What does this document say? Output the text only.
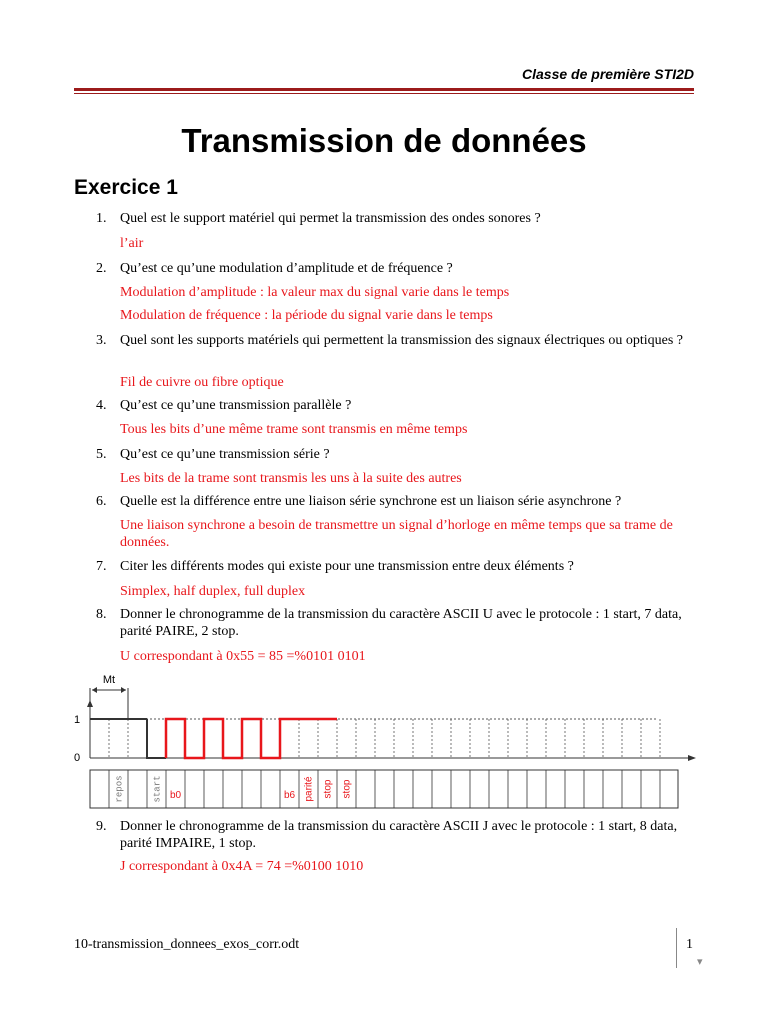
Classe de première STI2D
Transmission de données
Exercice 1
1. Quel est le support matériel qui permet la transmission des ondes sonores ?
l’air
2. Qu’est ce qu’une modulation d’amplitude et de fréquence ?
Modulation d’amplitude : la valeur max du signal varie dans le temps
Modulation de fréquence : la période du signal varie dans le temps
3. Quel sont les supports matériels qui permettent la transmission des signaux électriques ou optiques ?
Fil de cuivre ou fibre optique
4. Qu’est ce qu’une transmission parallèle ?
Tous les bits d’une même trame sont transmis en même temps
5. Qu’est ce qu’une transmission série ?
Les bits de la trame sont transmis les uns à la suite des autres
6. Quelle est la différence entre une liaison série synchrone est un liaison série asynchrone ?
Une liaison synchrone a besoin de transmettre un signal d’horloge en même temps que sa trame de données.
7. Citer les différents modes qui existe pour une transmission entre deux éléments ?
Simplex, half duplex, full duplex
8. Donner le chronogramme de la transmission du caractère ASCII U avec le protocole : 1 start, 7 data, parité PAIRE, 2 stop.
U correspondant à 0x55 = 85 =%0101 0101
9. Donner le chronogramme de la transmission du caractère ASCII J avec le protocole : 1 start, 8 data, parité IMPAIRE, 1 stop.
J correspondant à 0x4A = 74 =%0100 1010
Mt
1
0
repos	start b0	b6 parité stop stop
10-transmission_donnees_exos_corr.odt	1
▾
